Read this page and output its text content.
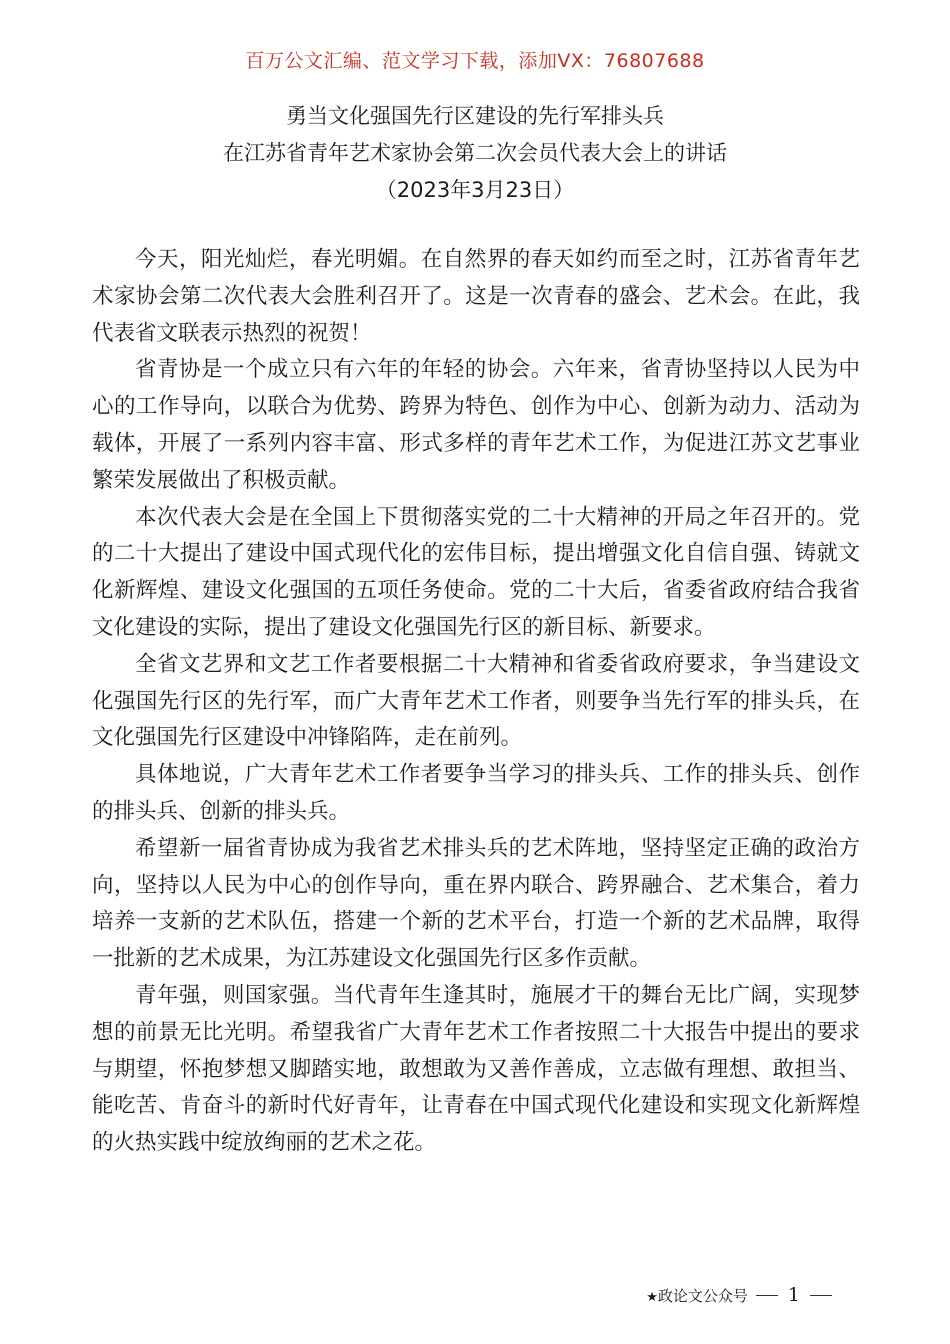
百万公文汇编、范文学习下载，添加VX：76807688
勇当文化强国先行区建设的先行军排头兵
在江苏省青年艺术家协会第二次会员代表大会上的讲话
（2023年3月23日）

今天，阳光灿烂，春光明媚。在自然界的春天如约而至之时，江苏省青年艺术家协会第二次代表大会胜利召开了。这是一次青春的盛会、艺术会。在此，我代表省文联表示热烈的祝贺！

省青协是一个成立只有六年的年轻的协会。六年来，省青协坚持以人民为中心的工作导向，以联合为优势、跨界为特色、创作为中心、创新为动力、活动为载体，开展了一系列内容丰富、形式多样的青年艺术工作，为促进江苏文艺事业繁荣发展做出了积极贡献。

本次代表大会是在全国上下贯彻落实党的二十大精神的开局之年召开的。党的二十大提出了建设中国式现代化的宏伟目标，提出增强文化自信自强、铸就文化新辉煌、建设文化强国的五项任务使命。党的二十大后，省委省政府结合我省文化建设的实际，提出了建设文化强国先行区的新目标、新要求。

全省文艺界和文艺工作者要根据二十大精神和省委省政府要求，争当建设文化强国先行区的先行军，而广大青年艺术工作者，则要争当先行军的排头兵，在文化强国先行区建设中冲锋陷阵，走在前列。

具体地说，广大青年艺术工作者要争当学习的排头兵、工作的排头兵、创作的排头兵、创新的排头兵。

希望新一届省青协成为我省艺术排头兵的艺术阵地，坚持坚定正确的政治方向，坚持以人民为中心的创作导向，重在界内联合、跨界融合、艺术集合，着力培养一支新的艺术队伍，搭建一个新的艺术平台，打造一个新的艺术品牌，取得一批新的艺术成果，为江苏建设文化强国先行区多作贡献。

青年强，则国家强。当代青年生逢其时，施展才干的舞台无比广阔，实现梦想的前景无比光明。希望我省广大青年艺术工作者按照二十大报告中提出的要求与期望，怀抱梦想又脚踏实地，敢想敢为又善作善成，立志做有理想、敢担当、能吃苦、肯奋斗的新时代好青年，让青春在中国式现代化建设和实现文化新辉煌的火热实践中绽放绚丽的艺术之花。

★政论文公众号 1
